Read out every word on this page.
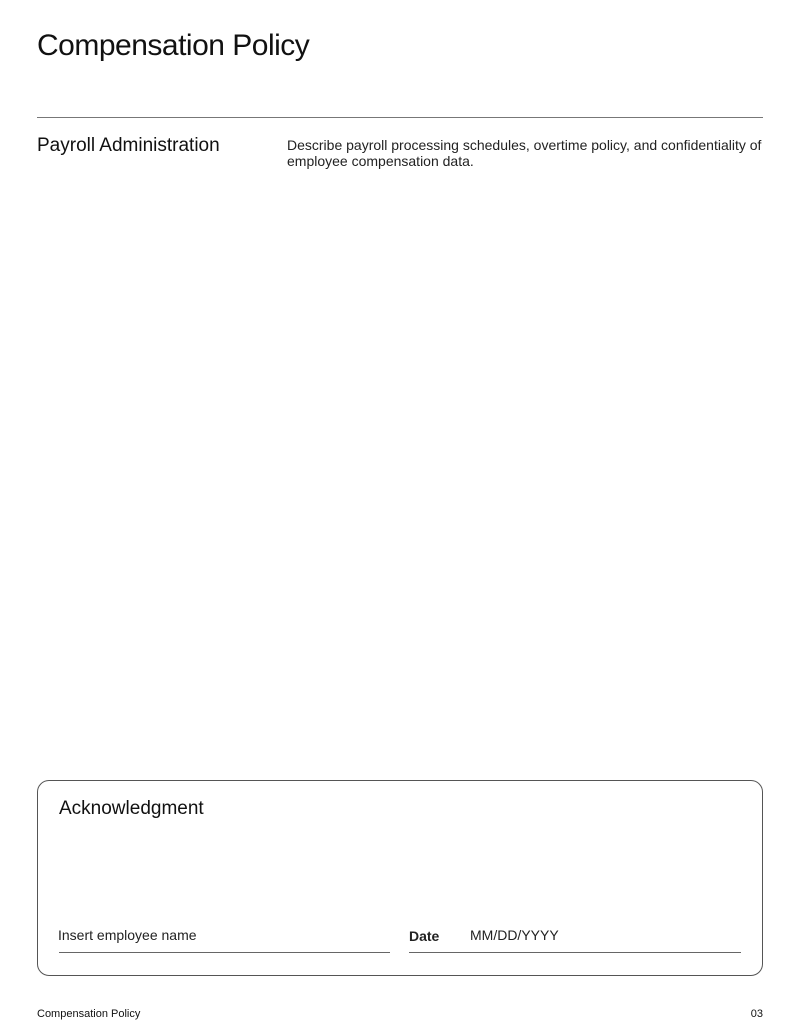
Compensation Policy
Payroll Administration	Describe payroll processing schedules, overtime policy, and confidentiality of employee compensation data.
Acknowledgment
Insert employee name	Date MM/DD/YYYY
Compensation Policy	03
